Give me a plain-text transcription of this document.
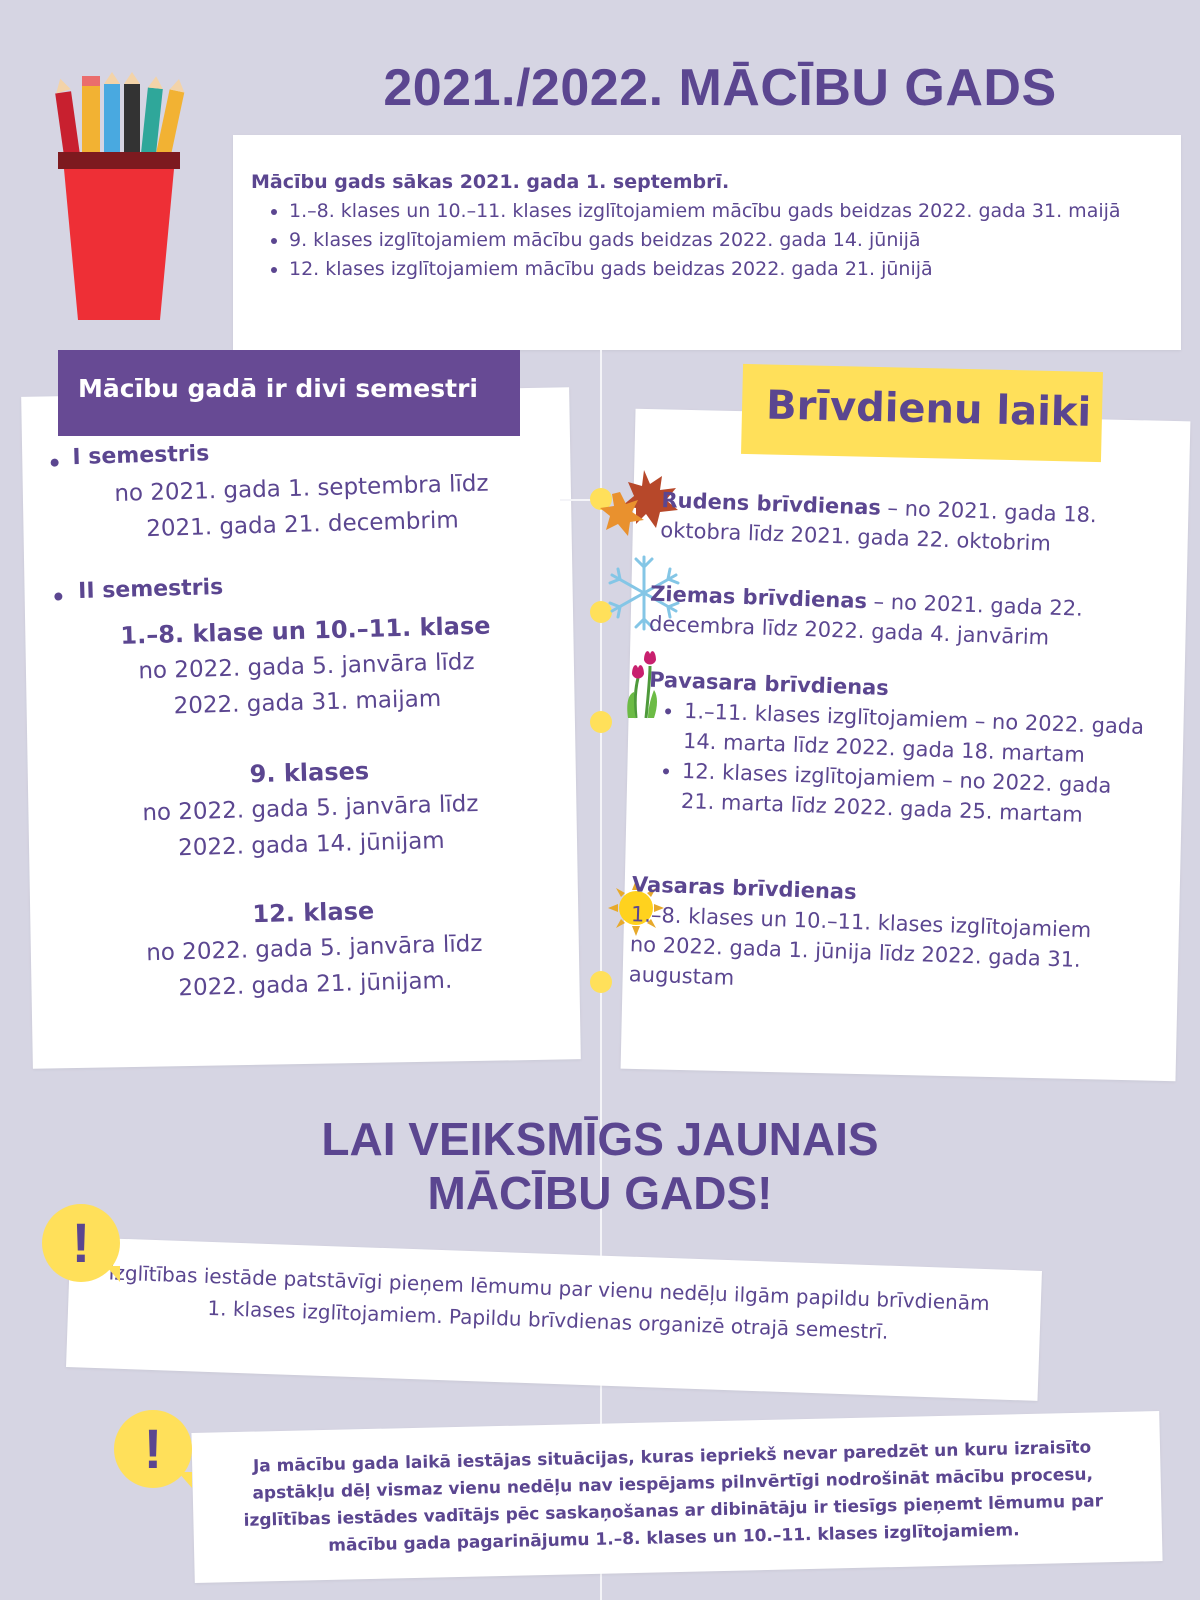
2021./2022. MĀCĪBU GADS
Mācību gads sākas 2021. gada 1. septembrī.
• 1.–8. klases un 10.–11. klases izglītojamiem mācību gads beidzas 2022. gada 31. maijā
• 9. klases izglītojamiem mācību gads beidzas 2022. gada 14. jūnijā
• 12. klases izglītojamiem mācību gads beidzas 2022. gada 21. jūnijā
Mācību gadā ir divi semestri
I semestris
no 2021. gada 1. septembra līdz
2021. gada 21. decembrim
II semestris
1.–8. klase un 10.–11. klase
no 2022. gada 5. janvāra līdz
2022. gada 31. maijam
9. klases
no 2022. gada 5. janvāra līdz
2022. gada 14. jūnijam
12. klase
no 2022. gada 5. janvāra līdz
2022. gada 21. jūnijam.
Brīvdienu laiki
Rudens brīvdienas – no 2021. gada 18. oktobra līdz 2021. gada 22. oktobrim
Ziemas brīvdienas – no 2021. gada 22. decembra līdz 2022. gada 4. janvārim
Pavasara brīvdienas
• 1.–11. klases izglītojamiem – no 2022. gada 14. marta līdz 2022. gada 18. martam
• 12. klases izglītojamiem – no 2022. gada 21. marta līdz 2022. gada 25. martam
Vasaras brīvdienas
1.–8. klases un 10.–11. klases izglītojamiem
no 2022. gada 1. jūnija līdz 2022. gada 31. augustam
LAI VEIKSMĪGS JAUNAIS
MĀCĪBU GADS!
Izglītības iestāde patstāvīgi pieņem lēmumu par vienu nedēļu ilgām papildu brīvdienām 1. klases izglītojamiem. Papildu brīvdienas organizē otrajā semestrī.
!
Ja mācību gada laikā iestājas situācijas, kuras iepriekš nevar paredzēt un kuru izraisīto apstākļu dēļ vismaz vienu nedēļu nav iespējams pilnvērtīgi nodrošināt mācību procesu, izglītības iestādes vadītājs pēc saskaņošanas ar dibinātāju ir tiesīgs pieņemt lēmumu par mācību gada pagarinājumu 1.–8. klases un 10.–11. klases izglītojamiem.
!
